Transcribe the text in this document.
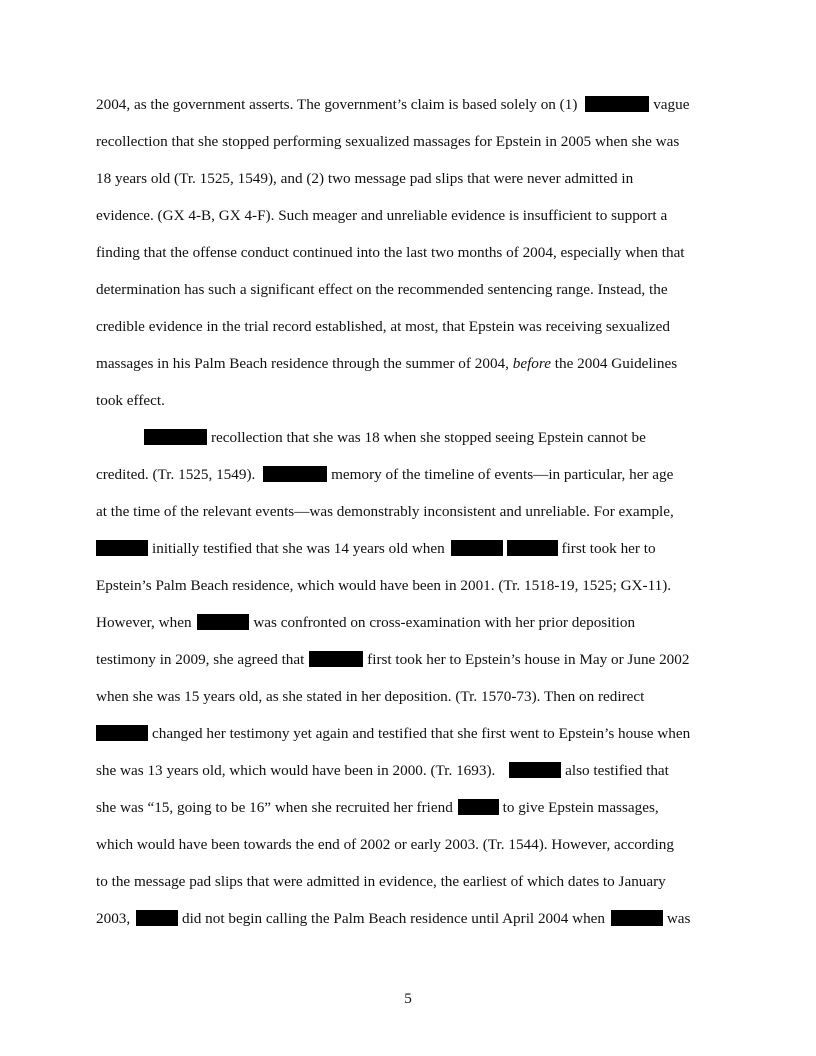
2004, as the government asserts. The government’s claim is based solely on (1)	vague
recollection that she stopped performing sexualized massages for Epstein in 2005 when she was
18 years old (Tr. 1525, 1549), and (2) two message pad slips that were never admitted in
evidence. (GX 4-B, GX 4-F). Such meager and unreliable evidence is insufficient to support a
finding that the offense conduct continued into the last two months of 2004, especially when that
determination has such a significant effect on the recommended sentencing range. Instead, the
credible evidence in the trial record established, at most, that Epstein was receiving sexualized
massages in his Palm Beach residence through the summer of 2004, before the 2004 Guidelines
took effect.
recollection that she was 18 when she stopped seeing Epstein cannot be
credited. (Tr. 1525, 1549).	memory of the timeline of events—in particular, her age
at the time of the relevant events—was demonstrably inconsistent and unreliable. For example,
initially testified that she was 14 years old when	first took her to
Epstein’s Palm Beach residence, which would have been in 2001. (Tr. 1518-19, 1525; GX-11).
However, when	was confronted on cross-examination with her prior deposition
testimony in 2009, she agreed that	first took her to Epstein’s house in May or June 2002
when she was 15 years old, as she stated in her deposition. (Tr. 1570-73). Then on redirect
changed her testimony yet again and testified that she first went to Epstein’s house when
she was 13 years old, which would have been in 2000. (Tr. 1693).	also testified that
she was “15, going to be 16” when she recruited her friend	to give Epstein massages,
which would have been towards the end of 2002 or early 2003. (Tr. 1544). However, according
to the message pad slips that were admitted in evidence, the earliest of which dates to January
2003,	did not begin calling the Palm Beach residence until April 2004 when	was
5
